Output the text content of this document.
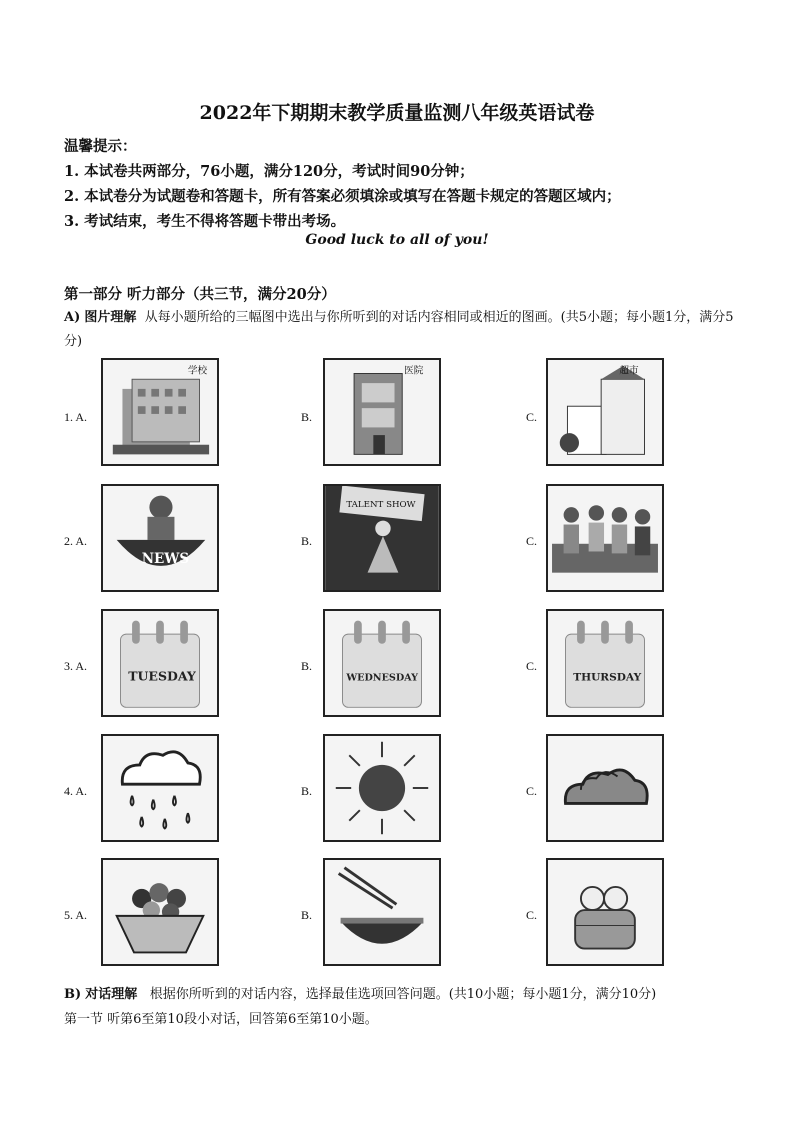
2022年下期期末教学质量监测八年级英语试卷
温馨提示：
1. 本试卷共两部分，76小题，满分120分，考试时间90分钟；
2. 本试卷分为试题卷和答题卡，所有答案必须填涂或填写在答题卡规定的答题区域内；
3. 考试结束，考生不得将答题卡带出考场。
Good luck to all of you!
第一部分 听力部分（共三节，满分20分）
A) 图片理解 从每小题所给的三幅图中选出与你所听到的对话内容相同或相近的图画。(共5小题；每小题1分，满分5分)
1. A.
学校
B.
医院
C.
超市
2. A.
NEWS
B.
TALENT SHOW
C.
3. A.
TUESDAY
B.
WEDNESDAY
C.
THURSDAY
4. A.	B.	C.
5. A.	B.	C.
B) 对话理解 根据你所听到的对话内容，选择最佳选项回答问题。(共10小题；每小题1分，满分10分)
第一节 听第6至第10段小对话，回答第6至第10小题。
